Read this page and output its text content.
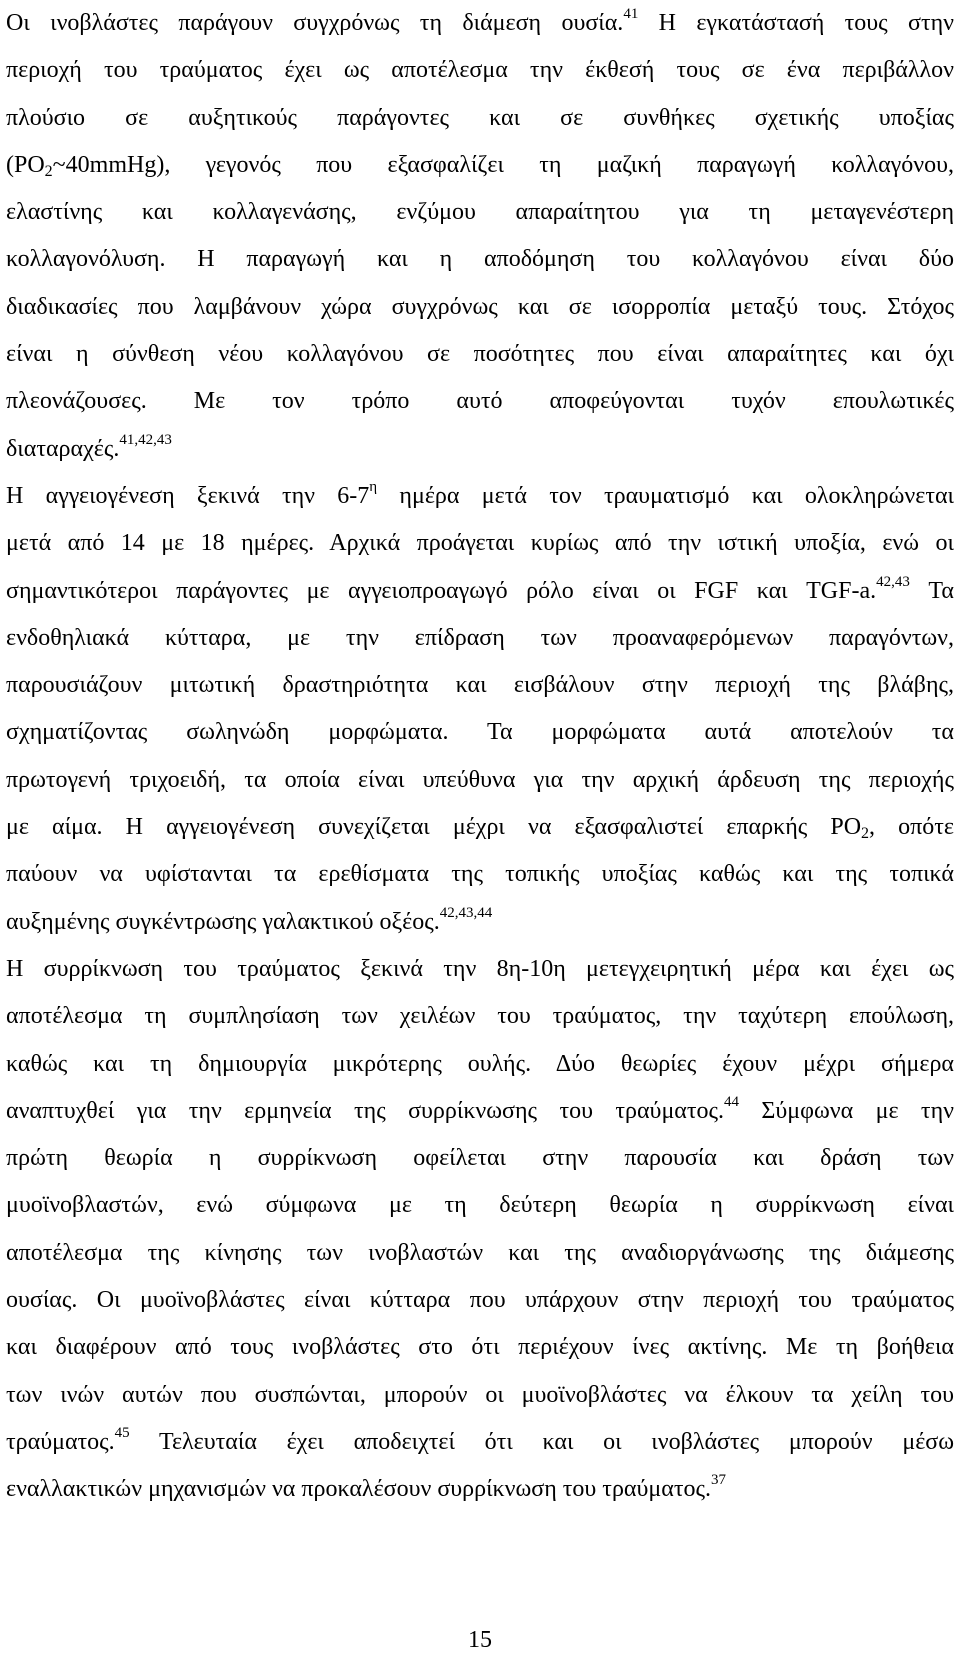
Οι ινοβλάστες παράγουν συγχρόνως τη διάμεση ουσία.$^{41}$ Η εγκατάστασή τους στην
περιοχή του τραύματος έχει ως αποτέλεσμα την έκθεσή τους σε ένα περιβάλλον
πλούσιο σε αυξητικούς παράγοντες και σε συνθήκες σχετικής υποξίας
$(PO_2\sim 40mmHg)$, γεγονός που εξασφαλίζει τη μαζική παραγωγή κολλαγόνου,
ελαστίνης και κολλαγενάσης, ενζύμου απαραίτητου για τη μεταγενέστερη
κολλαγονόλυση. Η παραγωγή και η αποδόμηση του κολλαγόνου είναι δύο
διαδικασίες που λαμβάνουν χώρα συγχρόνως και σε ισορροπία μεταξύ τους. Στόχος
είναι η σύνθεση νέου κολλαγόνου σε ποσότητες που είναι απαραίτητες και όχι
πλεονάζουσες. Με τον τρόπο αυτό αποφεύγονται τυχόν επουλωτικές
διαταραχές.$^{41,42,43}$

Η αγγειογένεση ξεκινά την $6-7^\eta$ ημέρα μετά τον τραυματισμό και ολοκληρώνεται
μετά από 14 με 18 ημέρες. Αρχικά προάγεται κυρίως από την ιστική υποξία, ενώ οι
σημαντικότεροι παράγοντες με αγγειοπροαγωγό ρόλο είναι οι FGF και TGF-a.$^{42,43}$ Τα
ενδοθηλιακά κύτταρα, με την επίδραση των προαναφερόμενων παραγόντων,
παρουσιάζουν μιτωτική δραστηριότητα και εισβάλουν στην περιοχή της βλάβης,
σχηματίζοντας σωληνώδη μορφώματα. Τα μορφώματα αυτά αποτελούν τα
πρωτογενή τριχοειδή, τα οποία είναι υπεύθυνα για την αρχική άρδευση της περιοχής
με αίμα. Η αγγειογένεση συνεχίζεται μέχρι να εξασφαλιστεί επαρκής $PO_2$, οπότε
παύουν να υφίστανται τα ερεθίσματα της τοπικής υποξίας καθώς και της τοπικά
αυξημένης συγκέντρωσης γαλακτικού οξέος.$^{42,43,44}$

Η συρρίκνωση του τραύματος ξεκινά την 8η-10η μετεγχειρητική μέρα και έχει ως
αποτέλεσμα τη συμπλησίαση των χειλέων του τραύματος, την ταχύτερη επούλωση,
καθώς και τη δημιουργία μικρότερης ουλής. Δύο θεωρίες έχουν μέχρι σήμερα
αναπτυχθεί για την ερμηνεία της συρρίκνωσης του τραύματος.$^{44}$ Σύμφωνα με την
πρώτη θεωρία η συρρίκνωση οφείλεται στην παρουσία και δράση των
μυοϊνοβλαστών, ενώ σύμφωνα με τη δεύτερη θεωρία η συρρίκνωση είναι
αποτέλεσμα της κίνησης των ινοβλαστών και της αναδιοργάνωσης της διάμεσης
ουσίας. Οι μυοϊνοβλάστες είναι κύτταρα που υπάρχουν στην περιοχή του τραύματος
και διαφέρουν από τους ινοβλάστες στο ότι περιέχουν ίνες ακτίνης. Με τη βοήθεια
των ινών αυτών που συσπώνται, μπορούν οι μυοϊνοβλάστες να έλκουν τα χείλη του
τραύματος.$^{45}$ Τελευταία έχει αποδειχτεί ότι και οι ινοβλάστες μπορούν μέσω
εναλλακτικών μηχανισμών να προκαλέσουν συρρίκνωση του τραύματος.$^{37}$

15
